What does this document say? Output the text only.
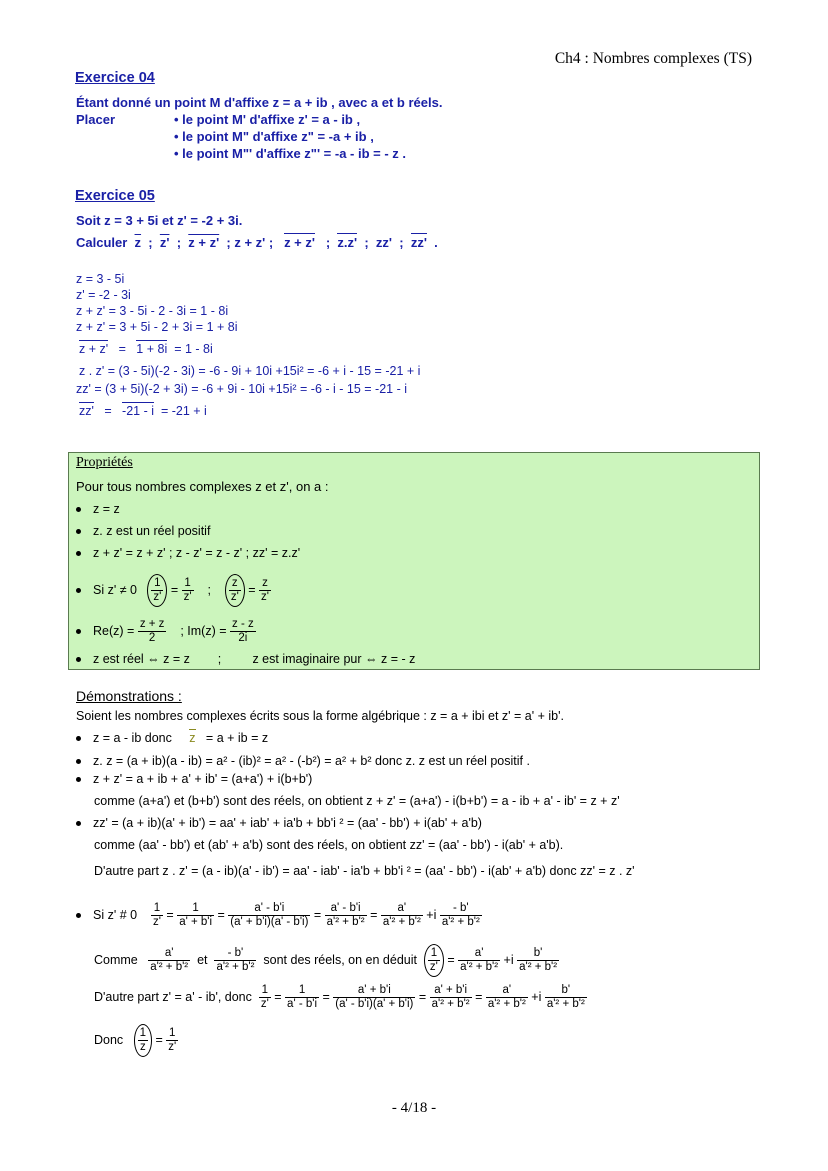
Ch4 : Nombres complexes (TS)
Exercice 04
Étant donné un point M d'affixe z = a + ib , avec a et b réels.
Placer	• le point M' d'affixe z' = a - ib ,
• le point M" d'affixe z" = -a + ib ,
• le point M"' d'affixe z"' = -a - ib = - z .
Exercice 05
Soit z = 3 + 5i et z' = -2 + 3i.
Calculer $\overline{z}$ ; z' ; z + z' ; z + z' ; z + z' ; z.z' ; zz' ; zz' .
z = 3 - 5i
z' = -2 - 3i
z + z' = 3 - 5i - 2 - 3i = 1 - 8i
z + z' = 3 + 5i - 2 + 3i = 1 + 8i
z + z' = 1 + 8i = 1 - 8i
z . z' = (3 - 5i)(-2 - 3i) = -6 - 9i + 10i +15i² = -6 + i - 15 = -21 + i
zz' = (3 + 5i)(-2 + 3i) = -6 + 9i - 10i +15i² = -6 - i - 15 = -21 - i
zz' = -21 - i = -21 + i
Propriétés
Pour tous nombres complexes z et z', on a :
z = z
z. z est un réel positif
z + z' = z + z' ; z - z' = z - z' ; zz' = z.z'
Si $z' \ne 0 \frac{1}{z'} = \frac{1}{z'}$ ; $\frac{z}{z'} = \frac{z}{z'}$
$Re(z) = \frac{z + z}{2}$ ; $Im(z) = \frac{z - z}{2i}$
z est réel ⇔ z = z ;	z est imaginaire pur ⇔ z = - z
Démonstrations :
Soient les nombres complexes écrits sous la forme algébrique : z = a + ibi et z' = a' + ib'.
z = a - ib donc z = a + ib = z
z. z = (a + ib)(a - ib) = a² - (ib)² = a² - (-b²) = a² + b² donc z. z est un réel positif .
z + z' = a + ib + a' + ib' = (a+a') + i(b+b')
comme (a+a') et (b+b') sont des réels, on obtient z + z' = (a+a') - i(b+b') = a - ib + a' - ib' = z + z'
zz' = (a + ib)(a' + ib') = aa' + iab' + ia'b + bb'i ² = (aa' - bb') + i(ab' + a'b)
comme (aa' - bb') et (ab' + a'b) sont des réels, on obtient zz' = (aa' - bb') - i(ab' + a'b).
D'autre part z . z' = (a - ib)(a' - ib') = aa' - iab' - ia'b + bb'i ² = (aa' - bb') - i(ab' + a'b) donc zz' = z . z'
Si z' # $0 \frac{1}{z'} = \frac{1}{a' + b'i} = \frac{a' - b'i}{(a' + b'i)(a' - b'i)} = \frac{a' - b'i}{\text{a'² + b'²}} = \frac{a'}{\text{a'² + b'²}} +i \frac{- b'}{\text{a'² + b'²}}$
Comme $\frac{a'}{\text{a'² + b'²}}$ et $\frac{- b'}{\text{a'² + b'²}}$ sont des réels, on en déduit $\frac{1}{z'} = \frac{a'}{\text{a'² + b'²}} +i \frac{b'}{\text{a'² + b'²}}$
D'autre part z' = a' - ib', donc $\frac{1}{z'} = \frac{1}{a' - b'i} = \frac{a' + b'i}{(a' - b'i)(a' + b'i)} = \frac{a' + b'i}{\text{a'² + b'²}} = \frac{a'}{\text{a'² + b'²}} +i \frac{b'}{\text{a'² + b'²}}$
Donc $\frac{1}{z} = \frac{1}{z'}$
- 4/18 -
